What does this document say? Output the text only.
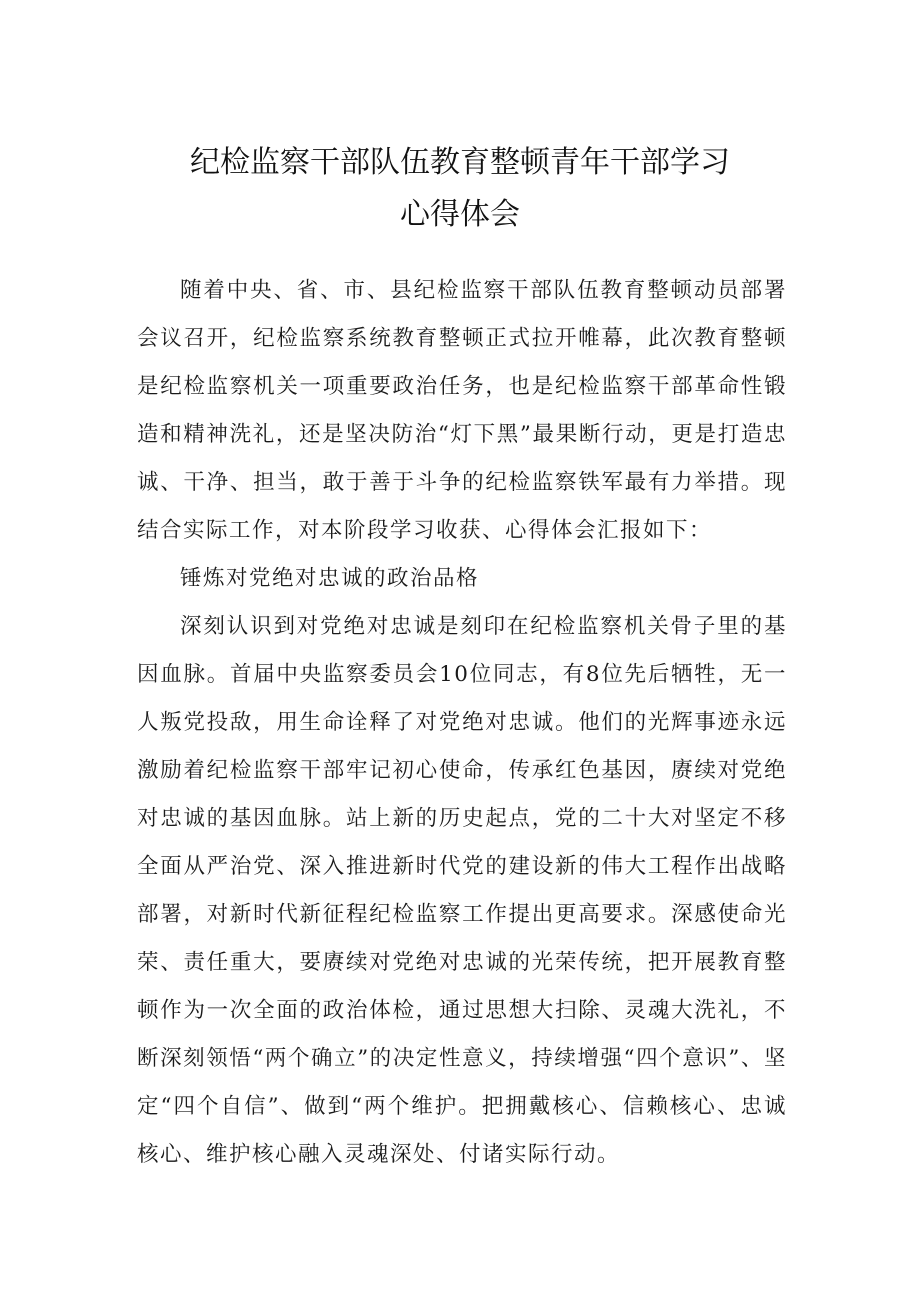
纪检监察干部队伍教育整顿青年干部学习
心得体会

随着中央、省、市、县纪检监察干部队伍教育整顿动员部署会议召开，纪检监察系统教育整顿正式拉开帷幕，此次教育整顿是纪检监察机关一项重要政治任务，也是纪检监察干部革命性锻造和精神洗礼，还是坚决防治“灯下黑”最果断行动，更是打造忠诚、干净、担当，敢于善于斗争的纪检监察铁军最有力举措。现结合实际工作，对本阶段学习收获、心得体会汇报如下：

锤炼对党绝对忠诚的政治品格

深刻认识到对党绝对忠诚是刻印在纪检监察机关骨子里的基因血脉。首届中央监察委员会10位同志，有8位先后牺牲，无一人叛党投敌，用生命诠释了对党绝对忠诚。他们的光辉事迹永远激励着纪检监察干部牢记初心使命，传承红色基因，赓续对党绝对忠诚的基因血脉。站上新的历史起点，党的二十大对坚定不移全面从严治党、深入推进新时代党的建设新的伟大工程作出战略部署，对新时代新征程纪检监察工作提出更高要求。深感使命光荣、责任重大，要赓续对党绝对忠诚的光荣传统，把开展教育整顿作为一次全面的政治体检，通过思想大扫除、灵魂大洗礼，不断深刻领悟“两个确立”的决定性意义，持续增强“四个意识”、坚定“四个自信”、做到“两个维护。把拥戴核心、信赖核心、忠诚核心、维护核心融入灵魂深处、付诸实际行动。
